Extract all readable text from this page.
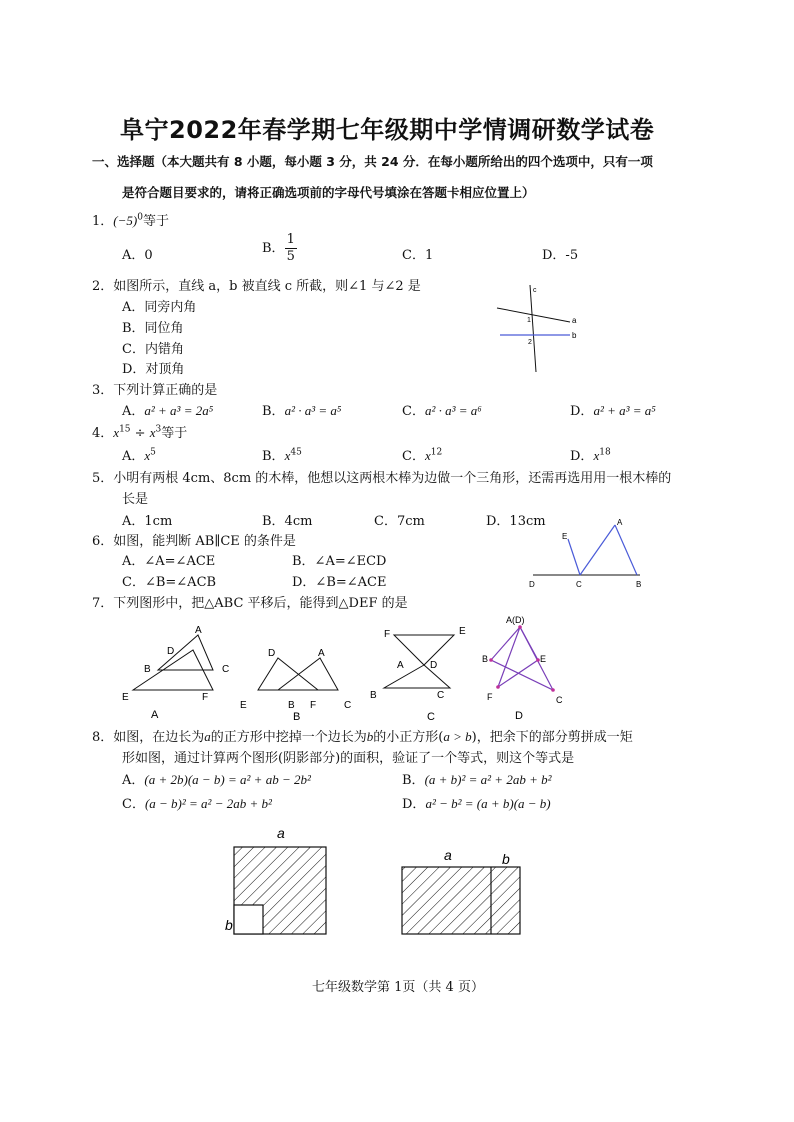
阜宁2022年春学期七年级期中学情调研数学试卷
一、选择题（本大题共有 8 小题，每小题 3 分，共 24 分．在每小题所给出的四个选项中，只有一项
是符合题目要求的，请将正确选项前的字母代号填涂在答题卡相应位置上）
1．$(-5)^0$等于
A．0	B． $\frac{1}{5}$	C．1	D．-5
2．如图所示，直线 a，b 被直线 c 所截，则∠1 与∠2 是
A．同旁内角
B．同位角
C．内错角
D．对顶角
c
a
b
1
2
3．下列计算正确的是
A．a² + a³ = 2a⁵	B．a² · a³ = a⁵	C．a² · a³ = a⁶	D．a² + a³ = a⁵
4．$x^{15} \div x^3$等于
A．$x^5$	B．$x^{45}$	C．$x^{12}$	D．$x^{18}$
5．小明有两根 4cm、8cm 的木棒，他想以这两根木棒为边做一个三角形，还需再选用用一根木棒的
长是
A．1cm	B．4cm	C．7cm	D．13cm
6．如图，能判断 AB∥CE 的条件是
A．∠A=∠ACE	B．∠A=∠ECD
C．∠B=∠ACB	D．∠B=∠ACE
E
A
D	C	B
7．下列图形中，把△ABC 平移后，能得到△DEF 的是
A
D
B	C
E	F
A
D	A
E	B F	C
B
F	E
A	D
B	C
C
A(D)
B	E
F	C
D
8．如图，在边长为a的正方形中挖掉一个边长为b的小正方形(a > b)，把余下的部分剪拼成一矩
形如图，通过计算两个图形(阴影部分)的面积，验证了一个等式，则这个等式是
A．(a + 2b)(a − b) = a² + ab − 2b²	B．(a + b)² = a² + 2ab + b²
C．(a − b)² = a² − 2ab + b²	D．a² − b² = (a + b)(a − b)
a
b
a	b
七年级数学第 1页（共 4 页）
